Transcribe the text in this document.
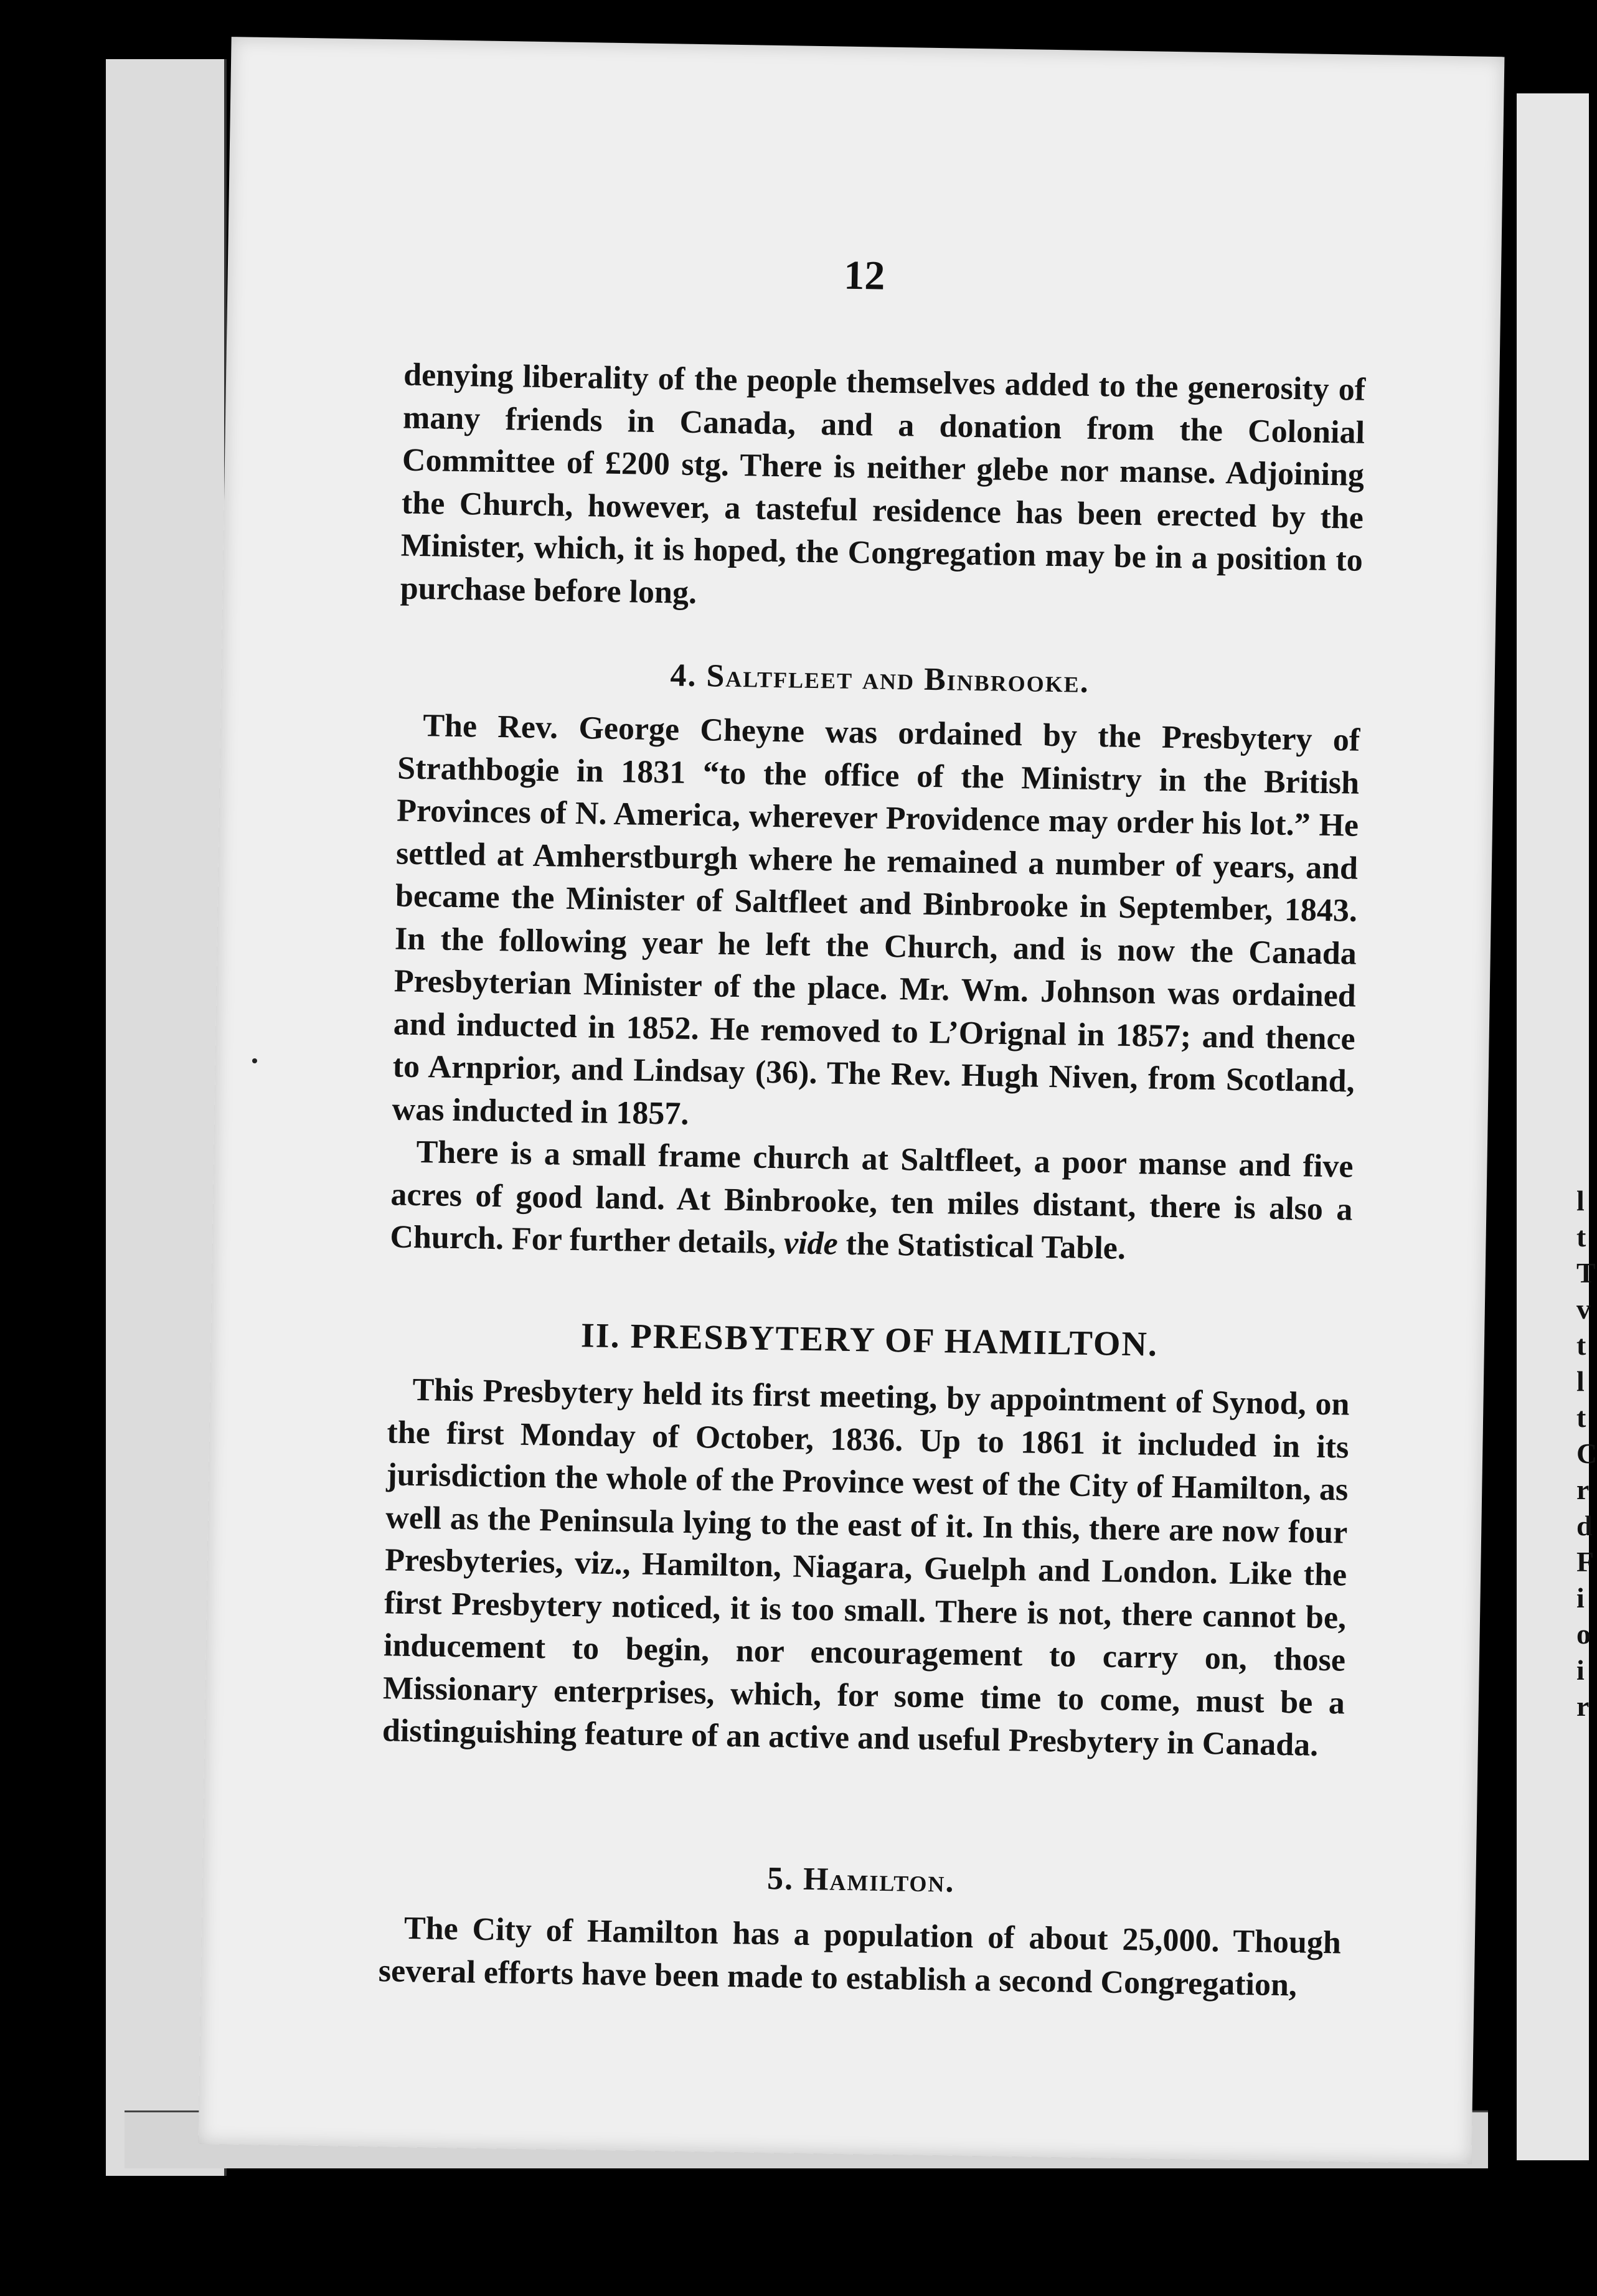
l
t
T
v
t
l
t
C
r
d
F
i
o
i
r
12

denying liberality of the people themselves added to the generosity of many friends in Canada, and a donation from the Colonial Committee of £200 stg. There is neither glebe nor manse. Adjoining the Church, however, a tasteful residence has been erected by the Minister, which, it is hoped, the Congregation may be in a position to purchase before long.

4. Saltfleet and Binbrooke.

The Rev. George Cheyne was ordained by the Presbytery of Strathbogie in 1831 “to the office of the Ministry in the British Provinces of N. America, wherever Providence may order his lot.” He settled at Amherstburgh where he remained a number of years, and became the Minister of Saltfleet and Binbrooke in September, 1843. In the following year he left the Church, and is now the Canada Presbyterian Minister of the place. Mr. Wm. Johnson was ordained and inducted in 1852. He removed to L’Orignal in 1857; and thence to Arnprior, and Lindsay (36). The Rev. Hugh Niven, from Scotland, was inducted in 1857.

There is a small frame church at Saltfleet, a poor manse and five acres of good land. At Binbrooke, ten miles distant, there is also a Church. For further details, vide the Statistical Table.

II. PRESBYTERY OF HAMILTON.

This Presbytery held its first meeting, by appointment of Synod, on the first Monday of October, 1836. Up to 1861 it included in its jurisdiction the whole of the Province west of the City of Hamilton, as well as the Peninsula lying to the east of it. In this, there are now four Presbyteries, viz., Hamilton, Niagara, Guelph and London. Like the first Presbytery noticed, it is too small. There is not, there cannot be, inducement to begin, nor encouragement to carry on, those Missionary enterprises, which, for some time to come, must be a distinguishing feature of an active and useful Presbytery in Canada.

5. Hamilton.

The City of Hamilton has a population of about 25,000. Though several efforts have been made to establish a second Congregation,
